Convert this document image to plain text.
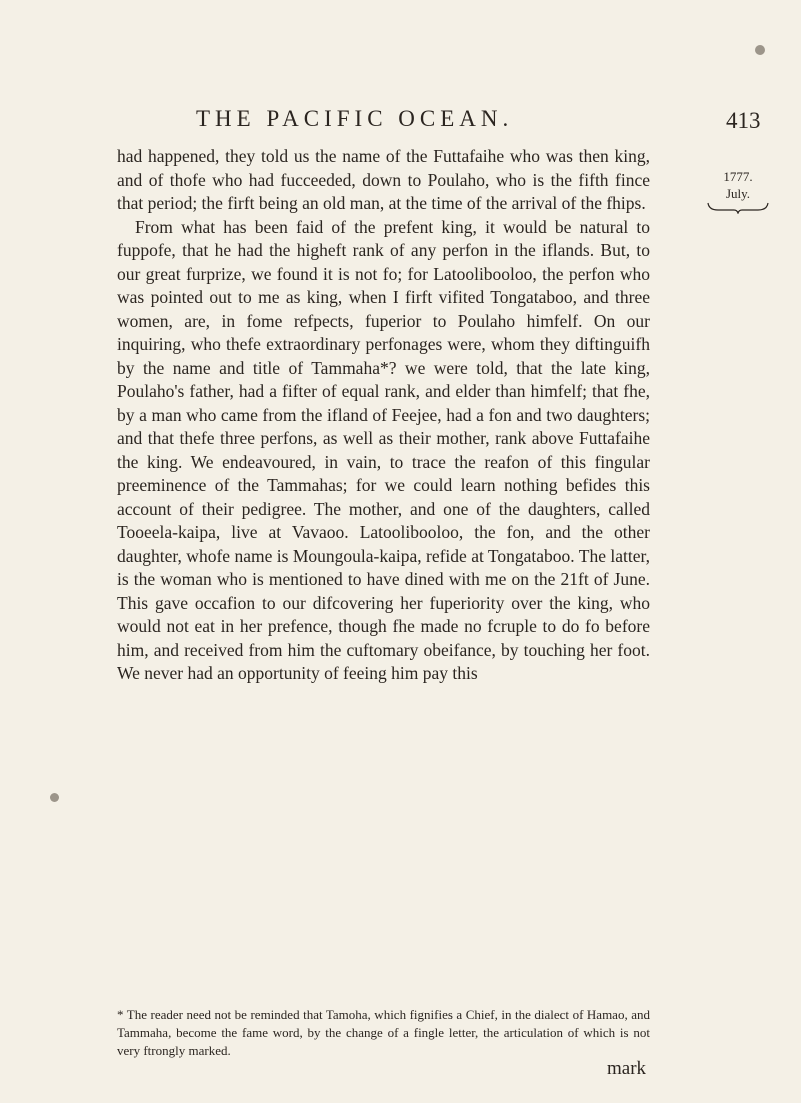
THE PACIFIC OCEAN.	413
1777.
July.

had happened, they told us the name of the Futtafaihe who was then king, and of thofe who had fucceeded, down to Poulaho, who is the fifth fince that period; the firft being an old man, at the time of the arrival of the fhips.

From what has been faid of the prefent king, it would be natural to fuppofe, that he had the higheft rank of any perfon in the iflands. But, to our great furprize, we found it is not fo; for Latoolibooloo, the perfon who was pointed out to me as king, when I firft vifited Tongataboo, and three women, are, in fome refpects, fuperior to Poulaho himfelf. On our inquiring, who thefe extraordinary perfonages were, whom they diftinguifh by the name and title of Tammaha*? we were told, that the late king, Poulaho's father, had a fifter of equal rank, and elder than himfelf; that fhe, by a man who came from the ifland of Feejee, had a fon and two daughters; and that thefe three perfons, as well as their mother, rank above Futtafaihe the king. We endeavoured, in vain, to trace the reafon of this fingular preeminence of the Tammahas; for we could learn nothing befides this account of their pedigree. The mother, and one of the daughters, called Tooeela-kaipa, live at Vavaoo. Latoolibooloo, the fon, and the other daughter, whofe name is Moungoula-kaipa, refide at Tongataboo. The latter, is the woman who is mentioned to have dined with me on the 21ft of June. This gave occafion to our difcovering her fuperiority over the king, who would not eat in her prefence, though fhe made no fcruple to do fo before him, and received from him the cuftomary obeifance, by touching her foot. We never had an opportunity of feeing him pay this

* The reader need not be reminded that Tamoha, which fignifies a Chief, in the dialect of Hamao, and Tammaha, become the fame word, by the change of a fingle letter, the articulation of which is not very ftrongly marked.
mark
